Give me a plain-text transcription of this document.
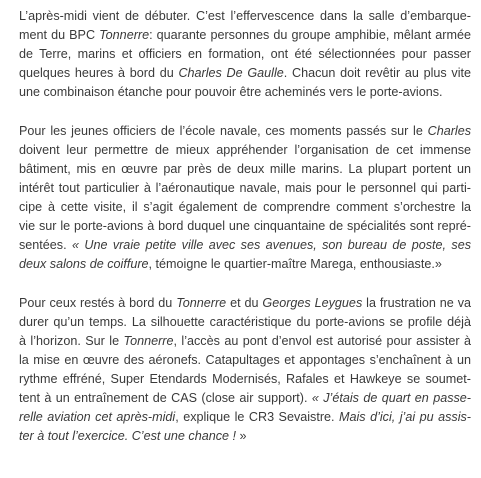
L’après-midi vient de débuter. C’est l’effervescence dans la salle d’embarque-
ment du BPC Tonnerre: quarante personnes du groupe amphibie, mêlant armée
de Terre, marins et officiers en formation, ont été sélectionnées pour passer
quelques heures à bord du Charles De Gaulle. Chacun doit revêtir au plus vite
une combinaison étanche pour pouvoir être acheminés vers le porte-avions.

Pour les jeunes officiers de l’école navale, ces moments passés sur le Charles
doivent leur permettre de mieux appréhender l’organisation de cet immense
bâtiment, mis en œuvre par près de deux mille marins. La plupart portent un
intérêt tout particulier à l’aéronautique navale, mais pour le personnel qui parti-
cipe à cette visite, il s’agit également de comprendre comment s’orchestre la
vie sur le porte-avions à bord duquel une cinquantaine de spécialités sont repré-
sentées. « Une vraie petite ville avec ses avenues, son bureau de poste, ses
deux salons de coiffure, témoigne le quartier-maître Marega, enthousiaste.»

Pour ceux restés à bord du Tonnerre et du Georges Leygues la frustration ne va
durer qu’un temps. La silhouette caractéristique du porte-avions se profile déjà
à l’horizon. Sur le Tonnerre, l’accès au pont d’envol est autorisé pour assister à
la mise en œuvre des aéronefs. Catapultages et appontages s’enchaînent à un
rythme effréné, Super Etendards Modernisés, Rafales et Hawkeye se soumet-
tent à un entraînement de CAS (close air support). « J’étais de quart en passe-
relle aviation cet après-midi, explique le CR3 Sevaistre. Mais d’ici, j’ai pu assis-
ter à tout l’exercice. C’est une chance ! »
